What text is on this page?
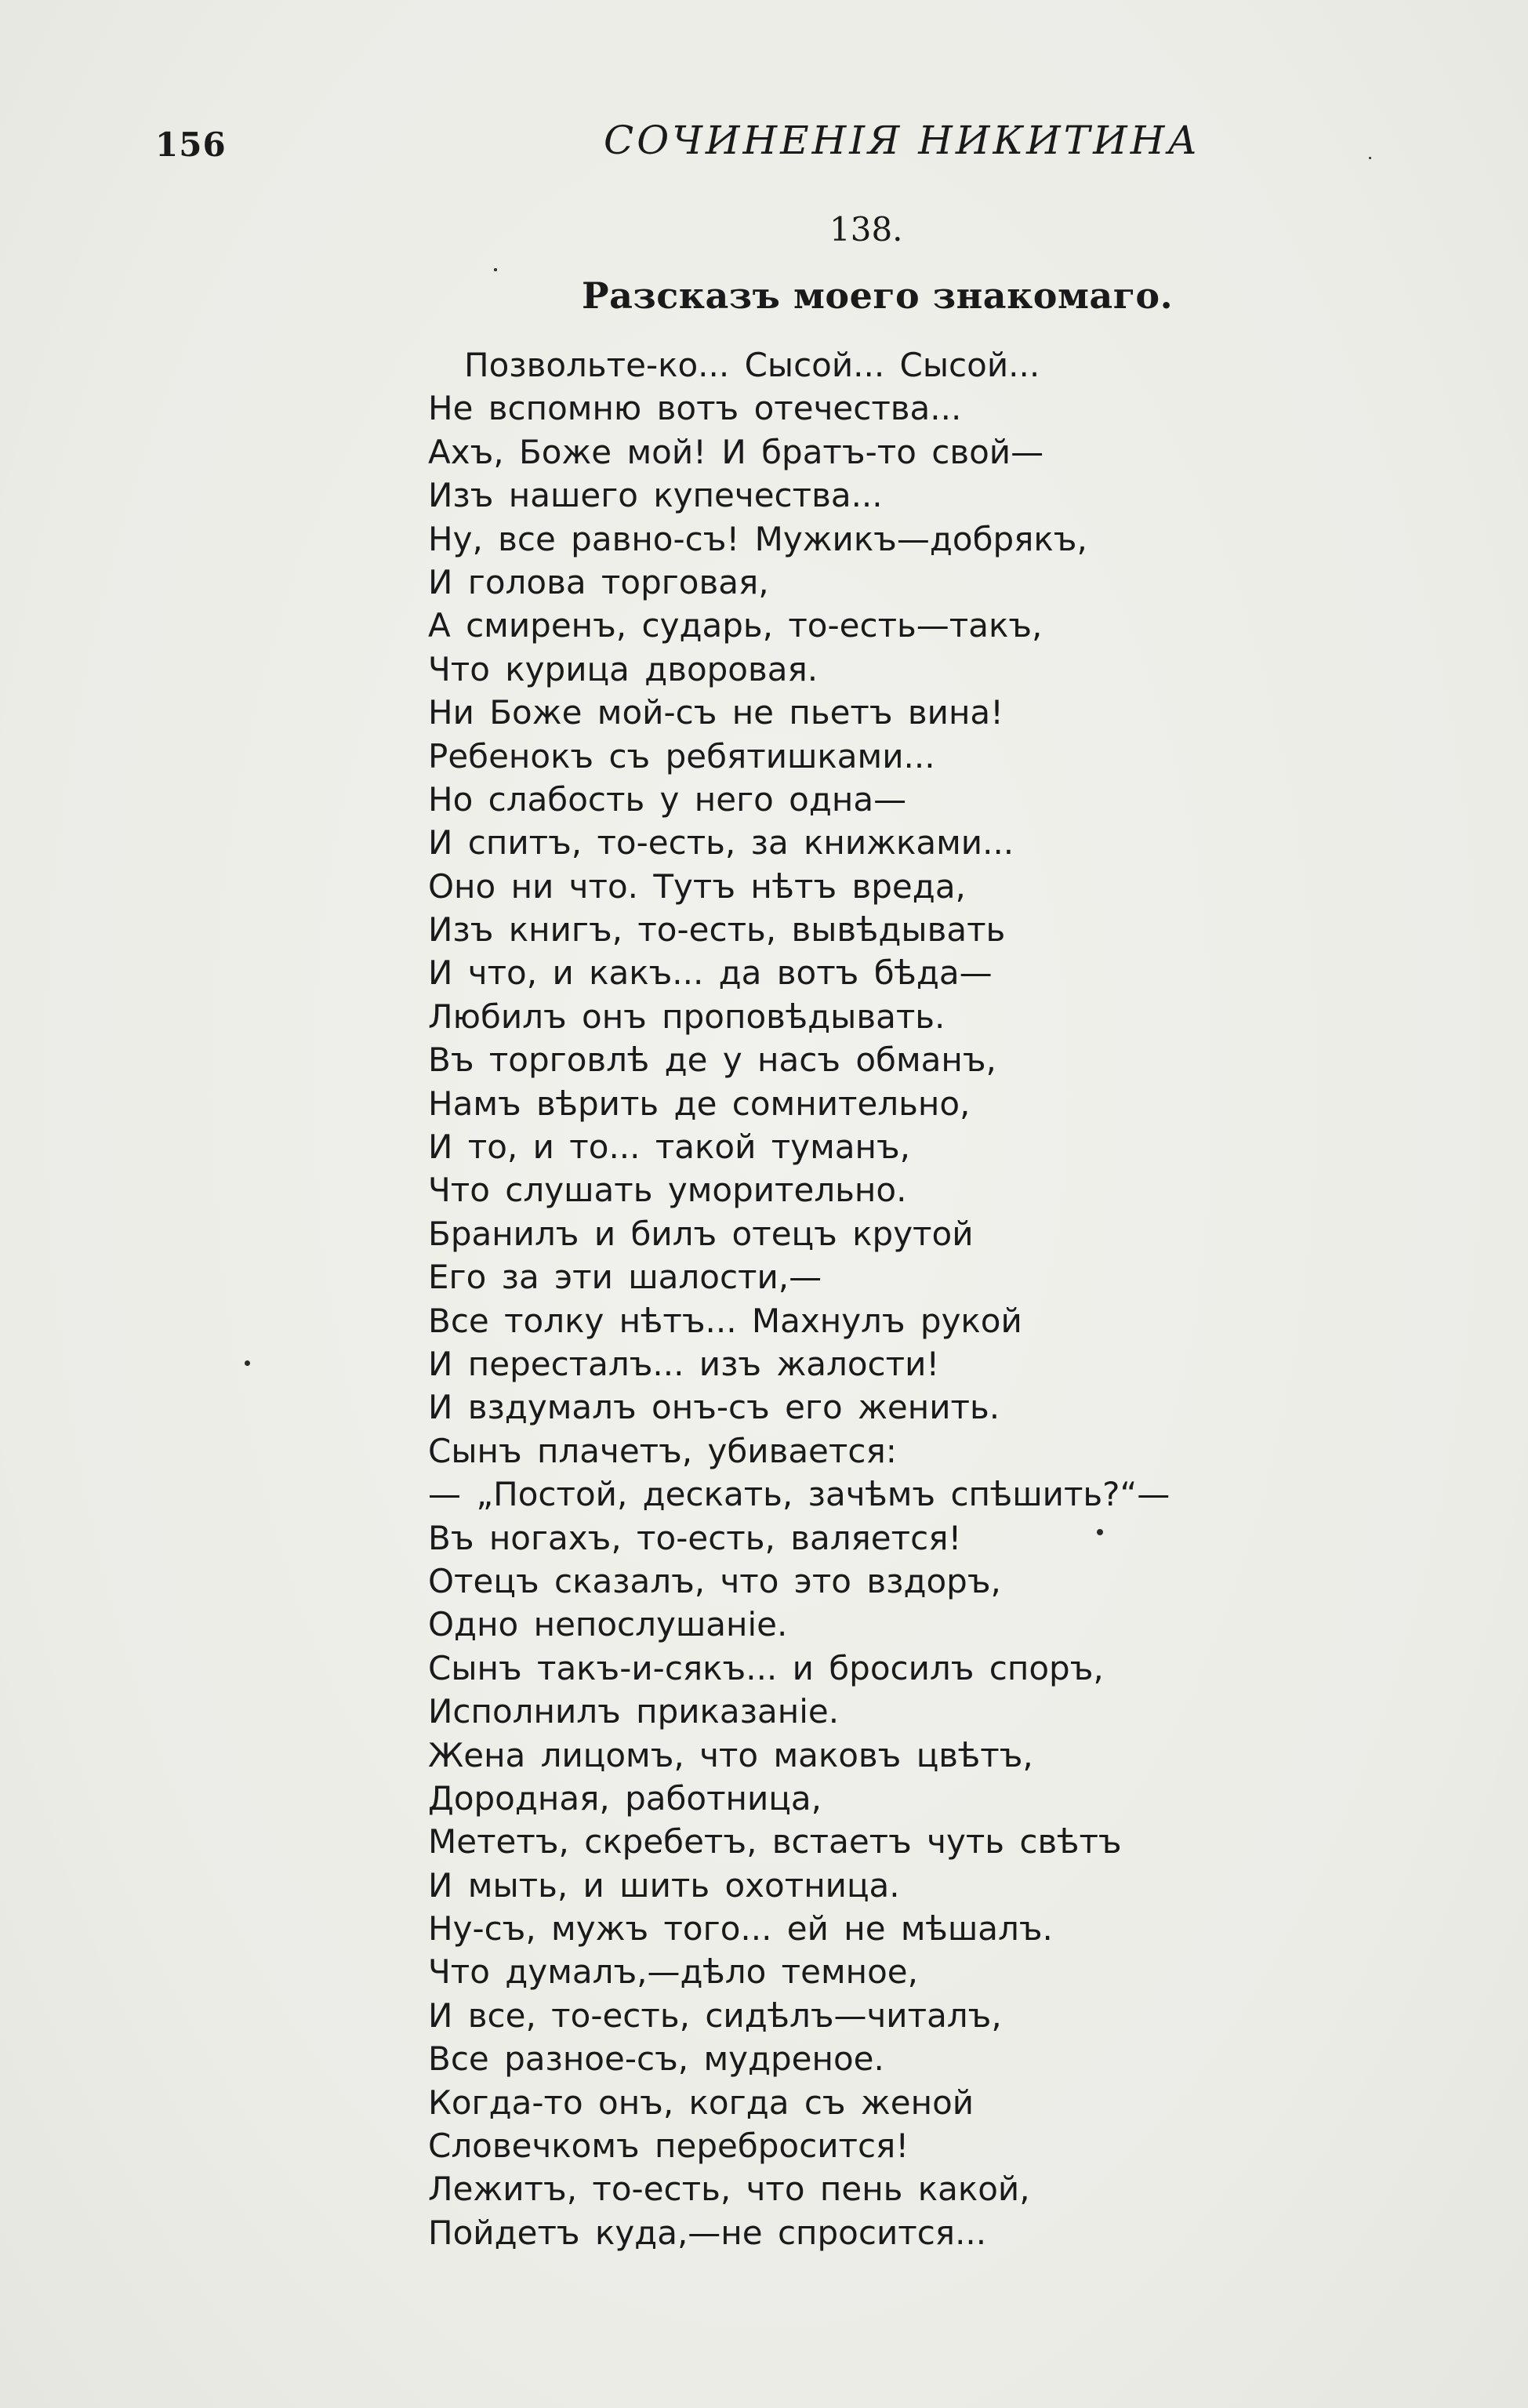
156	СОЧИНЕНІЯ НИКИТИНА
138.
Разсказъ моего знакомаго.
Позвольте-ко... Сысой... Сысой...
Не вспомню вотъ отечества...
Ахъ, Боже мой! И братъ-то свой—
Изъ нашего купечества...
Ну, все равно-съ! Мужикъ—добрякъ,
И голова торговая,
А смиренъ, сударь, то-есть—такъ,
Что курица дворовая.
Ни Боже мой-съ не пьетъ вина!
Ребенокъ съ ребятишками...
Но слабость у него одна—
И спитъ, то-есть, за книжками...
Оно ни что. Тутъ нѣтъ вреда,
Изъ книгъ, то-есть, вывѣдывать
И что, и какъ... да вотъ бѣда—
Любилъ онъ проповѣдывать.
Въ торговлѣ де у насъ обманъ,
Намъ вѣрить де сомнительно,
И то, и то... такой туманъ,
Что слушать уморительно.
Бранилъ и билъ отецъ крутой
Его за эти шалости,—
Все толку нѣтъ... Махнулъ рукой
И пересталъ... изъ жалости!
И вздумалъ онъ-съ его женить.
Сынъ плачетъ, убивается:
— „Постой, дескать, зачѣмъ спѣшить?“—
Въ ногахъ, то-есть, валяется!
Отецъ сказалъ, что это вздоръ,
Одно непослушаніе.
Сынъ такъ-и-сякъ... и бросилъ споръ,
Исполнилъ приказаніе.
Жена лицомъ, что маковъ цвѣтъ,
Дородная, работница,
Мететъ, скребетъ, встаетъ чуть свѣтъ
И мыть, и шить охотница.
Ну-съ, мужъ того... ей не мѣшалъ.
Что думалъ,—дѣло темное,
И все, то-есть, сидѣлъ—читалъ,
Все разное-съ, мудреное.
Когда-то онъ, когда съ женой
Словечкомъ перебросится!
Лежитъ, то-есть, что пень какой,
Пойдетъ куда,—не спросится...
